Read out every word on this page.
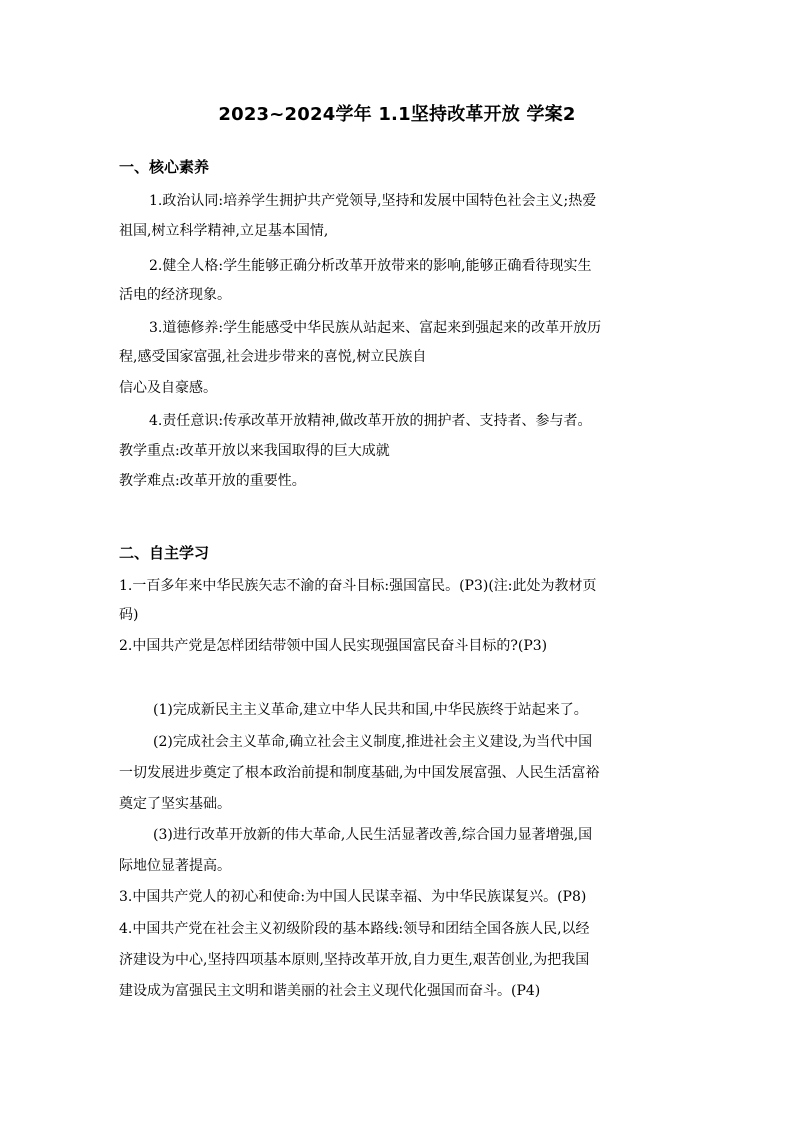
2023~2024学年 1.1坚持改革开放 学案2
一、核心素养
1.政治认同:培养学生拥护共产党领导,坚持和发展中国特色社会主义;热爱
祖国,树立科学精神,立足基本国情,
2.健全人格:学生能够正确分析改革开放带来的影响,能够正确看待现实生
活电的经济现象。
3.道德修养:学生能感受中华民族从站起来、富起来到强起来的改革开放历
程,感受国家富强,社会进步带来的喜悦,树立民族自
信心及自豪感。
4.责任意识:传承改革开放精神,做改革开放的拥护者、支持者、参与者。
教学重点:改革开放以来我国取得的巨大成就
教学难点:改革开放的重要性。
二、自主学习
1.一百多年来中华民族矢志不渝的奋斗目标:强国富民。(P3)(注:此处为教材页
码)
2.中国共产党是怎样团结带领中国人民实现强国富民奋斗目标的?(P3)
(1)完成新民主主义革命,建立中华人民共和国,中华民族终于站起来了。
(2)完成社会主义革命,确立社会主义制度,推进社会主义建设,为当代中国
一切发展进步奠定了根本政治前提和制度基础,为中国发展富强、人民生活富裕
奠定了坚实基础。
(3)进行改革开放新的伟大革命,人民生活显著改善,综合国力显著增强,国
际地位显著提高。
3.中国共产党人的初心和使命:为中国人民谋幸福、为中华民族谋复兴。(P8)
4.中国共产党在社会主义初级阶段的基本路线:领导和团结全国各族人民,以经
济建设为中心,坚持四项基本原则,坚持改革开放,自力更生,艰苦创业,为把我国
建设成为富强民主文明和谐美丽的社会主义现代化强国而奋斗。(P4)
